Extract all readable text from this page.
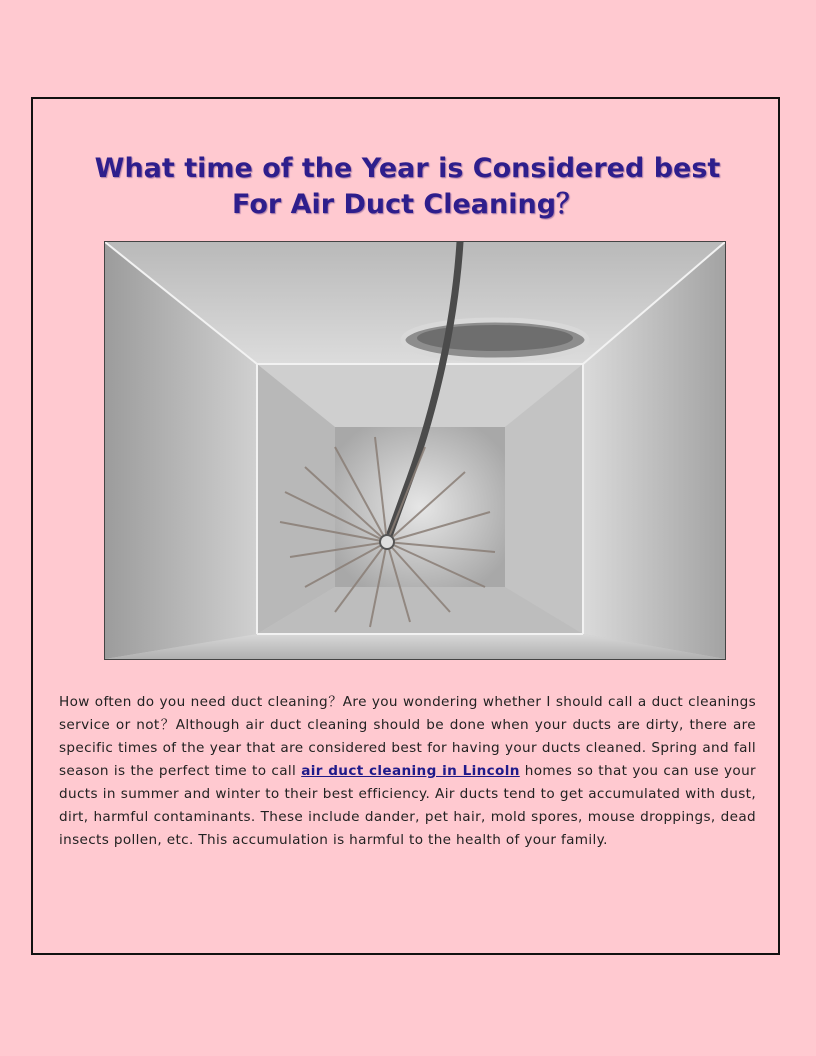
What time of the Year is Considered best For Air Duct Cleaning？

How often do you need duct cleaning？Are you wondering whether I should call a duct cleanings service or not？Although air duct cleaning should be done when your ducts are dirty, there are specific times of the year that are considered best for having your ducts cleaned. Spring and fall season is the perfect time to call air duct cleaning in Lincoln homes so that you can use your ducts in summer and winter to their best efficiency. Air ducts tend to get accumulated with dust, dirt, harmful contaminants. These include dander, pet hair, mold spores, mouse droppings, dead insects pollen, etc. This accumulation is harmful to the health of your family.
